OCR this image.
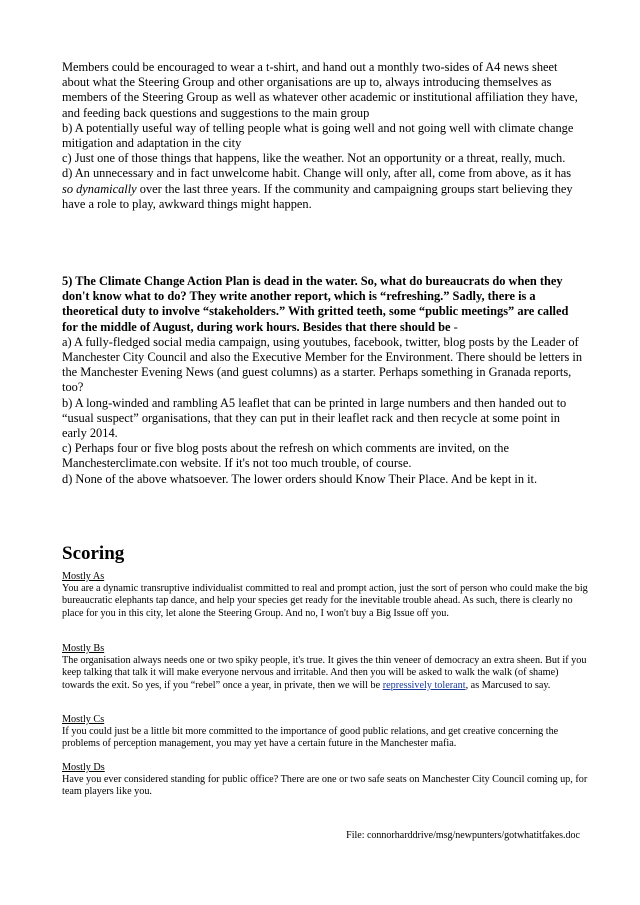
Members could be encouraged to wear a t-shirt, and hand out a monthly two-sides of A4 news sheet about what the Steering Group and other organisations are up to, always introducing themselves as members of the Steering Group as well as whatever other academic or institutional affiliation they have, and feeding back questions and suggestions to the main group

b) A potentially useful way of telling people what is going well and not going well with climate change mitigation and adaptation in the city

c) Just one of those things that happens, like the weather. Not an opportunity or a threat, really, much.

d) An unnecessary and in fact unwelcome habit. Change will only, after all, come from above, as it has so dynamically over the last three years. If the community and campaigning groups start believing they have a role to play, awkward things might happen.

5) The Climate Change Action Plan is dead in the water. So, what do bureaucrats do when they don't know what to do? They write another report, which is “refreshing.” Sadly, there is a theoretical duty to involve “stakeholders.” With gritted teeth, some “public meetings” are called for the middle of August, during work hours. Besides that there should be -

a) A fully-fledged social media campaign, using youtubes, facebook, twitter, blog posts by the Leader of Manchester City Council and also the Executive Member for the Environment. There should be letters in the Manchester Evening News (and guest columns) as a starter. Perhaps something in Granada reports, too?

b) A long-winded and rambling A5 leaflet that can be printed in large numbers and then handed out to “usual suspect” organisations, that they can put in their leaflet rack and then recycle at some point in early 2014.

c) Perhaps four or five blog posts about the refresh on which comments are invited, on the Manchesterclimate.con website. If it's not too much trouble, of course.

d) None of the above whatsoever. The lower orders should Know Their Place. And be kept in it.

Scoring

Mostly As

You are a dynamic transruptive individualist committed to real and prompt action, just the sort of person who could make the big bureaucratic elephants tap dance, and help your species get ready for the inevitable trouble ahead. As such, there is clearly no place for you in this city, let alone the Steering Group. And no, I won't buy a Big Issue off you.

Mostly Bs

The organisation always needs one or two spiky people, it's true. It gives the thin veneer of democracy an extra sheen. But if you keep talking that talk it will make everyone nervous and irritable. And then you will be asked to walk the walk (of shame) towards the exit. So yes, if you “rebel” once a year, in private, then we will be repressively tolerant, as Marcused to say.

Mostly Cs

If you could just be a little bit more committed to the importance of good public relations, and get creative concerning the problems of perception management, you may yet have a certain future in the Manchester mafia.

Mostly Ds

Have you ever considered standing for public office? There are one or two safe seats on Manchester City Council coming up, for team players like you.

File: connorharddrive/msg/newpunters/gotwhatitfakes.doc
